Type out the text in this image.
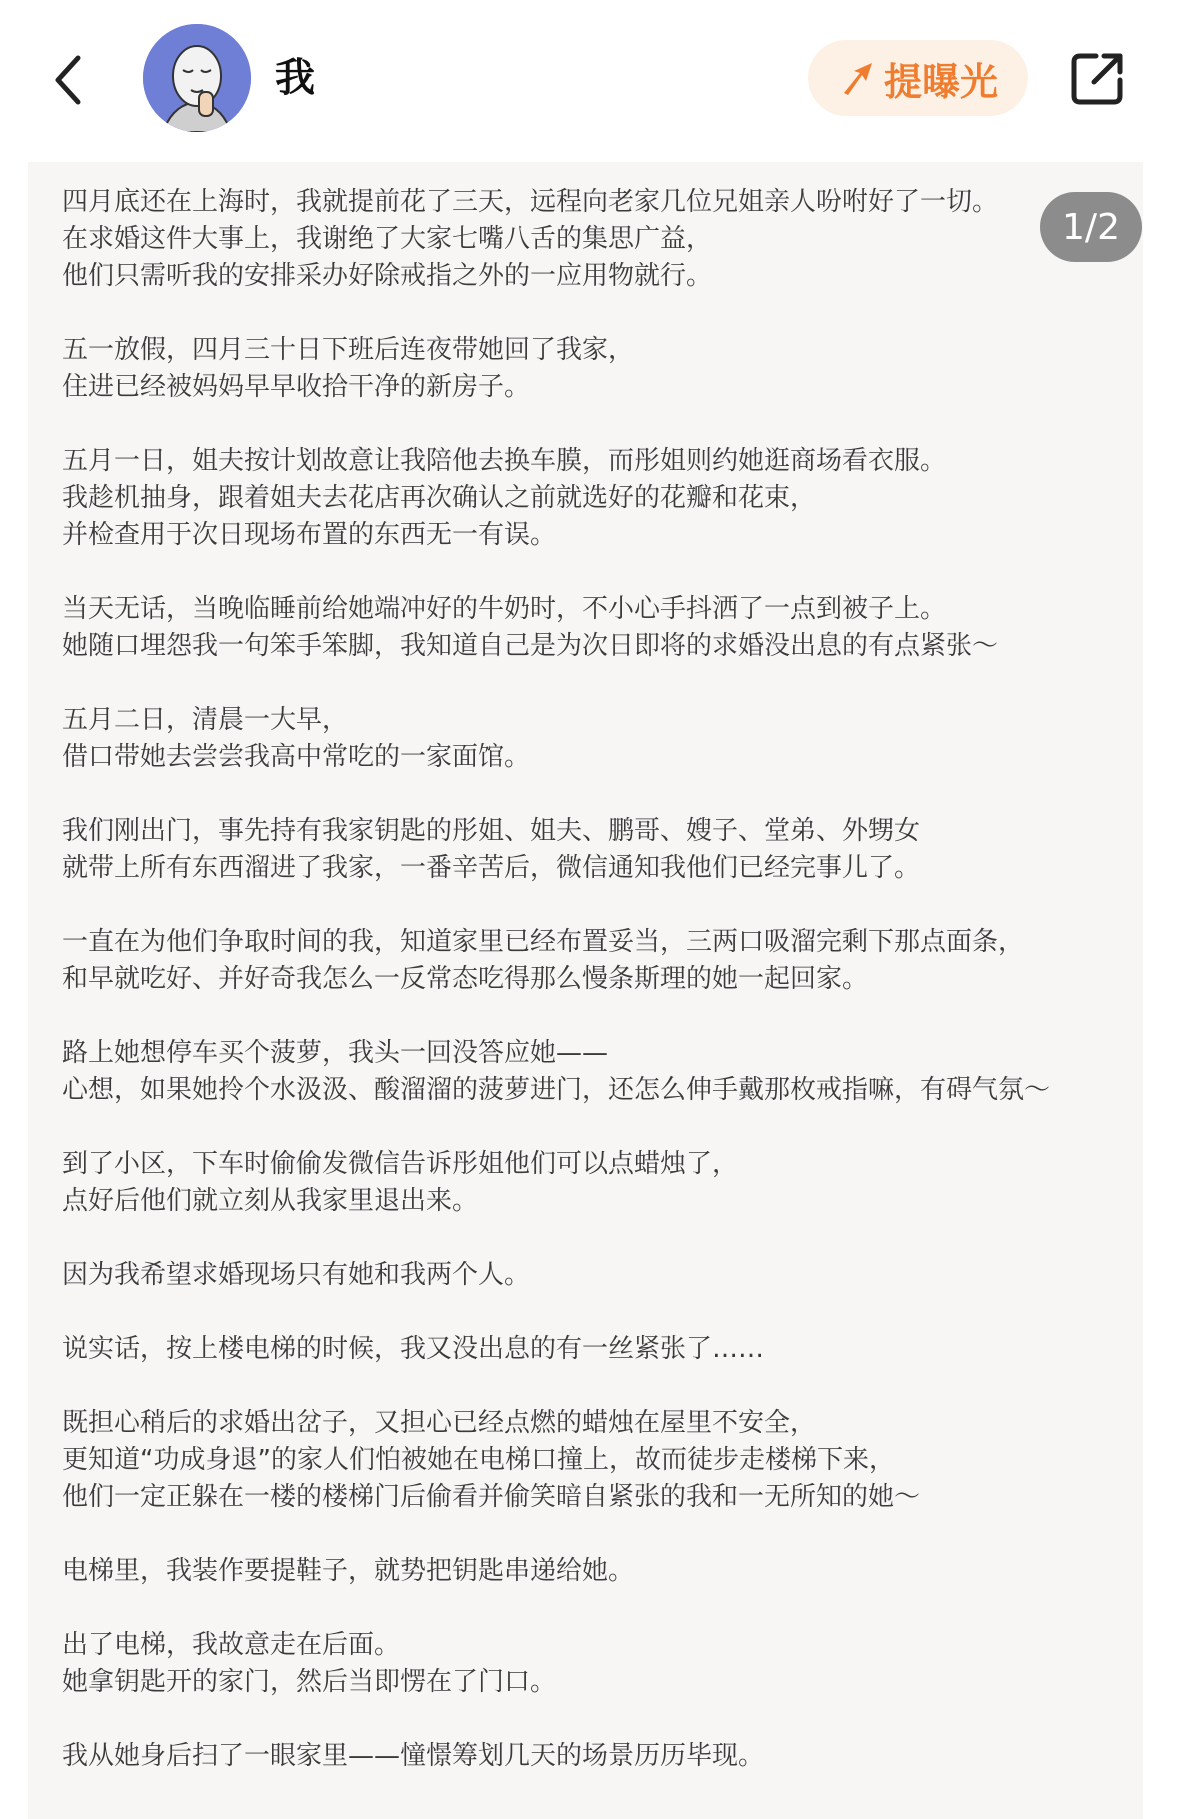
我	提曝光
1/2
四月底还在上海时，我就提前花了三天，远程向老家几位兄姐亲人吩咐好了一切。
在求婚这件大事上，我谢绝了大家七嘴八舌的集思广益，
他们只需听我的安排采办好除戒指之外的一应用物就行。
五一放假，四月三十日下班后连夜带她回了我家，
住进已经被妈妈早早收拾干净的新房子。
五月一日，姐夫按计划故意让我陪他去换车膜，而彤姐则约她逛商场看衣服。
我趁机抽身，跟着姐夫去花店再次确认之前就选好的花瓣和花束，
并检查用于次日现场布置的东西无一有误。
当天无话，当晚临睡前给她端冲好的牛奶时，不小心手抖洒了一点到被子上。
她随口埋怨我一句笨手笨脚，我知道自己是为次日即将的求婚没出息的有点紧张～
五月二日，清晨一大早，
借口带她去尝尝我高中常吃的一家面馆。
我们刚出门，事先持有我家钥匙的彤姐、姐夫、鹏哥、嫂子、堂弟、外甥女
就带上所有东西溜进了我家，一番辛苦后，微信通知我他们已经完事儿了。
一直在为他们争取时间的我，知道家里已经布置妥当，三两口吸溜完剩下那点面条，
和早就吃好、并好奇我怎么一反常态吃得那么慢条斯理的她一起回家。
路上她想停车买个菠萝，我头一回没答应她——
心想，如果她拎个水汲汲、酸溜溜的菠萝进门，还怎么伸手戴那枚戒指嘛，有碍气氛～
到了小区，下车时偷偷发微信告诉彤姐他们可以点蜡烛了，
点好后他们就立刻从我家里退出来。
因为我希望求婚现场只有她和我两个人。
说实话，按上楼电梯的时候，我又没出息的有一丝紧张了……
既担心稍后的求婚出岔子，又担心已经点燃的蜡烛在屋里不安全，
更知道“功成身退”的家人们怕被她在电梯口撞上，故而徒步走楼梯下来，
他们一定正躲在一楼的楼梯门后偷看并偷笑暗自紧张的我和一无所知的她～
电梯里，我装作要提鞋子，就势把钥匙串递给她。
出了电梯，我故意走在后面。
她拿钥匙开的家门，然后当即愣在了门口。
我从她身后扫了一眼家里——憧憬筹划几天的场景历历毕现。
